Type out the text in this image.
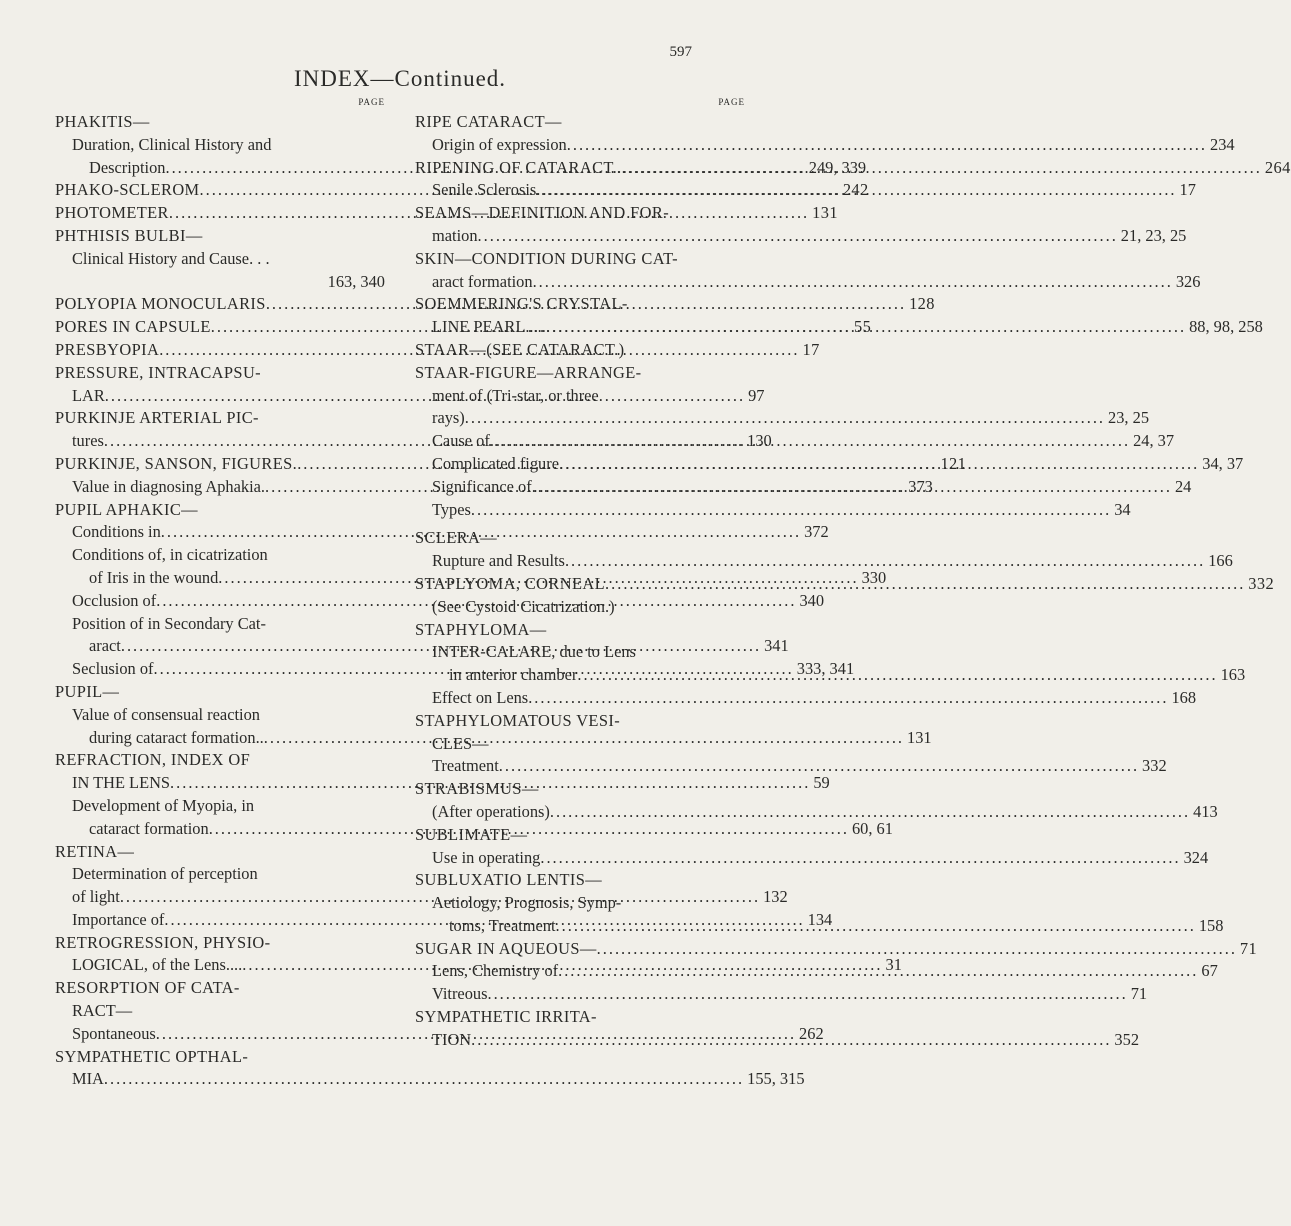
597
INDEX—Continued.
PAGE
PHAKITIS—
Duration, Clinical History and
Description .....	249, 339
PHAKO-SCLEROM .....	242
PHOTOMETER .....	131
PHTHISIS BULBI—
Clinical History and Cause. . .
163, 340
POLYOPIA MONOCULARIS .....	128
PORES IN CAPSULE .....	55
PRESBYOPIA .....	17
PRESSURE, INTRACAPSU-
LAR .....	97
PURKINJE ARTERIAL PIC-
tures .....	130
PURKINJE, SANSON, FIGURES. .....	121
Value in diagnosing Aphakia. .....	373
PUPIL APHAKIC—
Conditions in .....	372
Conditions of, in cicatrization
of Iris in the wound .....	330
Occlusion of .....	340
Position of in Secondary Cat-
aract .....	341
Seclusion of .....	333, 341
PUPIL—
Value of consensual reaction
during cataract formation.. .....	131
REFRACTION, INDEX OF
IN THE LENS .....	59
Development of Myopia, in
cataract formation .....	60, 61
RETINA—
Determination of perception
of light .....	132
Importance of .....	134
RETROGRESSION, PHYSIO-
LOGICAL, of the Lens.... .....	31
RESORPTION OF CATA-
RACT—
Spontaneous .....	262
SYMPATHETIC OPTHAL-
MIA .....	155, 315
PAGE
RIPE CATARACT—
Origin of expression .....	234
RIPENING OF CATARACT.. .....	264
Senile Sclerosis .....	17
SEAMS—DEFINITION AND FOR-
mation .....	21, 23, 25
SKIN—CONDITION DURING CAT-
aract formation .....	326
SOEMMERING'S CRYSTAL-
LINE PEARL..... .....	88, 98, 258
STAAR—(SEE CATARACT.)
STAAR-FIGURE—ARRANGE-
ment of (Tri-star, or three
rays) .....	23, 25
Cause of .....	24, 37
Complicated figure .....	34, 37
Significance of .....	24
Types .....	34
SCLERA—
Rupture and Results .....	166
STAPLYOMA, CORNEAL .....	332
(See Cystoid Cicatrization.)
STAPHYLOMA—
INTER-CALARE, due to Lens
in anterior chamber .....	163
Effect on Lens .....	168
STAPHYLOMATOUS VESI-
CLES—
Treatment .....	332
STRABISMUS—
(After operations) .....	413
SUBLIMATE—
Use in operating .....	324
SUBLUXATIO LENTIS—
Aetiology, Prognosis, Symp-
toms, Treatment .....	158
SUGAR IN AQUEOUS— .....	71
Lens, Chemistry of .....	67
Vitreous .....	71
SYMPATHETIC IRRITA-
TION .....	352
